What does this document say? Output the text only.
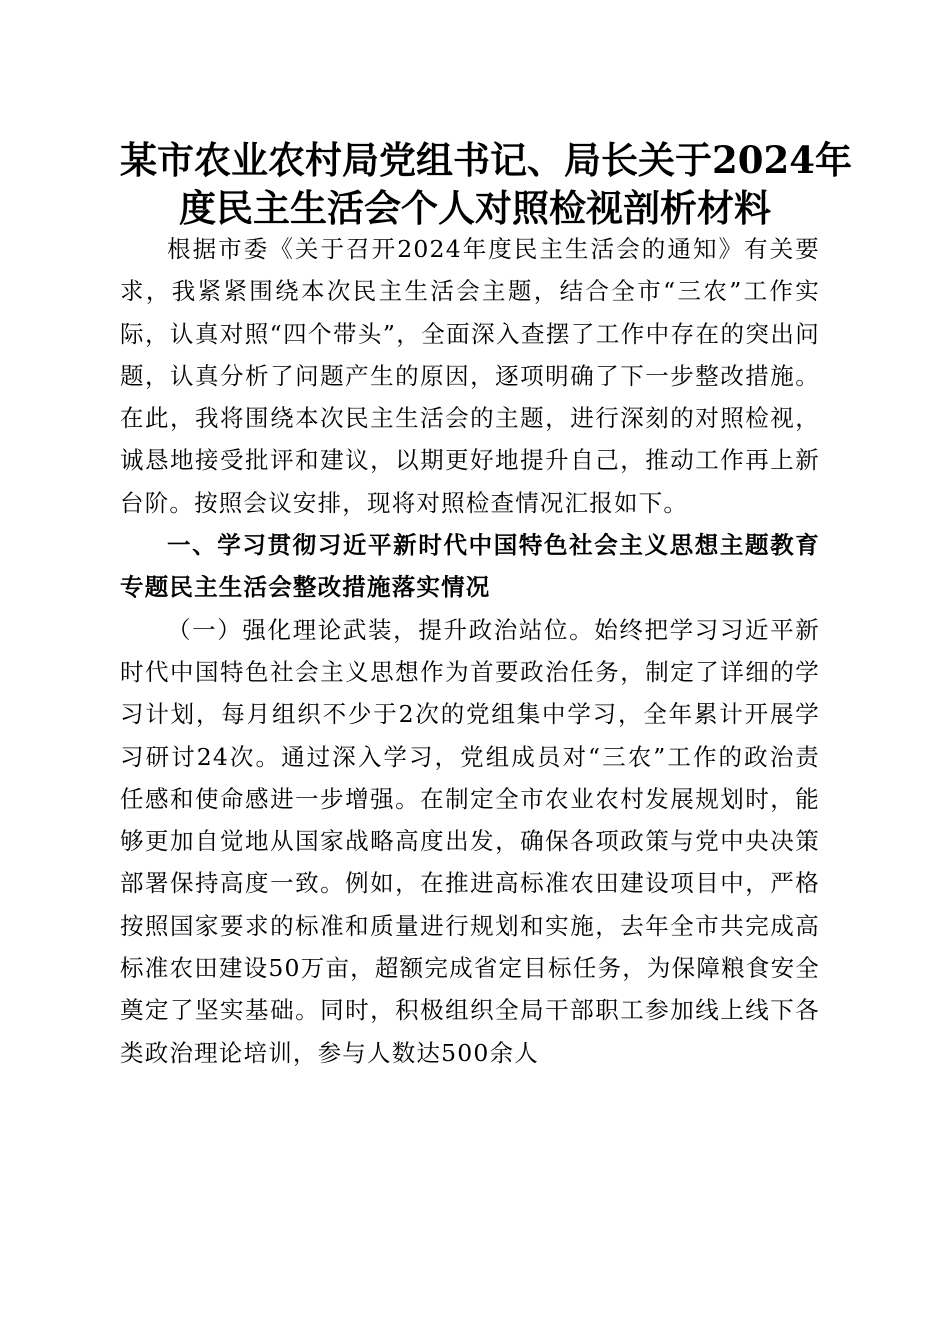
某市农业农村局党组书记、局长关于2024年
度民主生活会个人对照检视剖析材料

根据市委《关于召开2024年度民主生活会的通知》有关要求，我紧紧围绕本次民主生活会主题，结合全市“三农”工作实际，认真对照“四个带头”，全面深入查摆了工作中存在的突出问题，认真分析了问题产生的原因，逐项明确了下一步整改措施。在此，我将围绕本次民主生活会的主题，进行深刻的对照检视，诚恳地接受批评和建议，以期更好地提升自己，推动工作再上新台阶。按照会议安排，现将对照检查情况汇报如下。

一、学习贯彻习近平新时代中国特色社会主义思想主题教育专题民主生活会整改措施落实情况

（一）强化理论武装，提升政治站位。始终把学习习近平新时代中国特色社会主义思想作为首要政治任务，制定了详细的学习计划，每月组织不少于2次的党组集中学习，全年累计开展学习研讨24次。通过深入学习，党组成员对“三农”工作的政治责任感和使命感进一步增强。在制定全市农业农村发展规划时，能够更加自觉地从国家战略高度出发，确保各项政策与党中央决策部署保持高度一致。例如，在推进高标准农田建设项目中，严格按照国家要求的标准和质量进行规划和实施，去年全市共完成高标准农田建设50万亩，超额完成省定目标任务，为保障粮食安全奠定了坚实基础。同时，积极组织全局干部职工参加线上线下各类政治理论培训，参与人数达500余人
